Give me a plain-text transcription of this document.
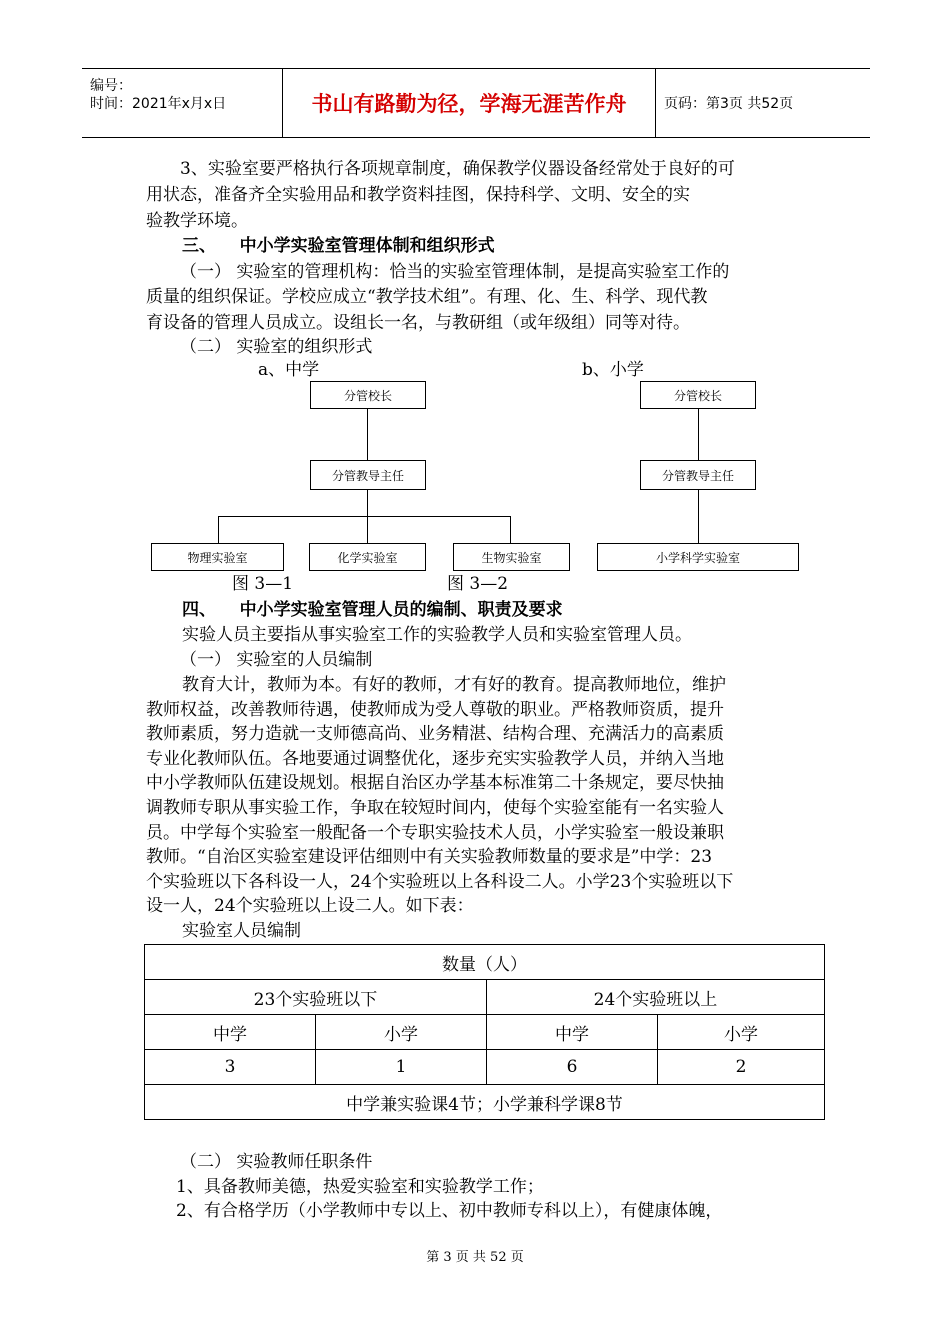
编号：
时间：2021年x月x日	书山有路勤为径，学海无涯苦作舟	页码：第3页 共52页
3、实验室要严格执行各项规章制度，确保教学仪器设备经常处于良好的可
用状态，准备齐全实验用品和教学资料挂图，保持科学、文明、安全的实
验教学环境。
三、    中小学实验室管理体制和组织形式
（一） 实验室的管理机构：恰当的实验室管理体制，是提高实验室工作的
质量的组织保证。学校应成立“教学技术组”。有理、化、生、科学、现代教
育设备的管理人员成立。设组长一名，与教研组（或年级组）同等对待。
（二） 实验室的组织形式
a、中学	b、小学
分管校长
分管教导主任
物理实验室	化学实验室	生物实验室
分管校长
分管教导主任
小学科学实验室
图 3—1	图 3—2
四、    中小学实验室管理人员的编制、职责及要求
实验人员主要指从事实验室工作的实验教学人员和实验室管理人员。
（一） 实验室的人员编制
教育大计，教师为本。有好的教师，才有好的教育。提高教师地位，维护
教师权益，改善教师待遇，使教师成为受人尊敬的职业。严格教师资质，提升
教师素质，努力造就一支师德高尚、业务精湛、结构合理、充满活力的高素质
专业化教师队伍。各地要通过调整优化，逐步充实实验教学人员，并纳入当地
中小学教师队伍建设规划。根据自治区办学基本标准第二十条规定，要尽快抽
调教师专职从事实验工作，争取在较短时间内，使每个实验室能有一名实验人
员。中学每个实验室一般配备一个专职实验技术人员，小学实验室一般设兼职
教师。“自治区实验室建设评估细则中有关实验教师数量的要求是”中学：23
个实验班以下各科设一人，24个实验班以上各科设二人。小学23个实验班以下
设一人，24个实验班以上设二人。如下表：
实验室人员编制
数量（人）			
23个实验班以下		24个实验班以上	
中学	小学	中学	小学
3	1	6	2
中学兼实验课4节；小学兼科学课8节			
（二） 实验教师任职条件
1、具备教师美德，热爱实验室和实验教学工作；
2、有合格学历（小学教师中专以上、初中教师专科以上），有健康体魄，
第 3 页 共 52 页
